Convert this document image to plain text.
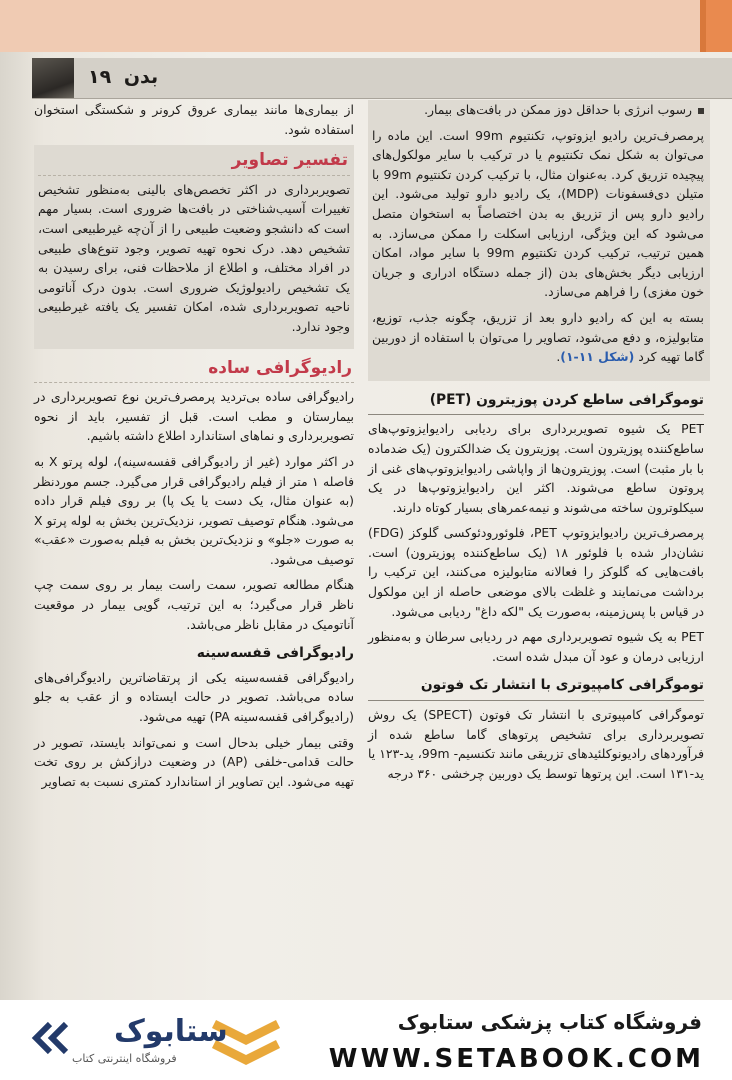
بدن ۱۹

رسوب انرژی با حداقل دوز ممکن در بافت‌های بیمار.

پرمصرف‌ترین رادیو ایزوتوپ، تکنتیوم 99m است. این ماده را می‌توان به شکل نمک تکنتیوم یا در ترکیب با سایر مولکول‌های پیچیده تزریق کرد. به‌عنوان مثال، با ترکیب کردن تکنتیوم 99m با متیلن دی‌فسفونات (MDP)، یک رادیو دارو تولید می‌شود. این رادیو دارو پس از تزریق به بدن اختصاصاً به استخوان متصل می‌شود که این ویژگی، ارزیابی اسکلت را ممکن می‌سازد. به همین ترتیب، ترکیب کردن تکنتیوم 99m با سایر مواد، امکان ارزیابی دیگر بخش‌های بدن (از جمله دستگاه ادراری و جریان خون مغزی) را فراهم می‌سازد.

بسته به این که رادیو دارو بعد از تزریق، چگونه جذب، توزیع، متابولیزه، و دفع می‌شود، تصاویر را می‌توان با استفاده از دوربین گاما تهیه کرد (شکل ۱۱-۱).

توموگرافی ساطع کردن پوزیترون (PET)

PET یک شیوه تصویربرداری برای ردیابی رادیوایزوتوپ‌های ساطع‌کننده پوزیترون است. پوزیترون یک ضدالکترون (یک ضدماده با بار مثبت) است. پوزیترون‌ها از واپاشی رادیوایزوتوپ‌های غنی از پروتون ساطع می‌شوند. اکثر این رادیوایزوتوپ‌ها در یک سیکلوترون ساخته می‌شوند و نیمه‌عمرهای بسیار کوتاه دارند.

پرمصرف‌ترین رادیوایزوتوپ PET، فلوئورودئوکسی گلوکز (FDG) نشان‌دار شده با فلوئور ۱۸ (یک ساطع‌کننده پوزیترون) است. بافت‌هایی که گلوکز را فعالانه متابولیزه می‌کنند، این ترکیب را برداشت می‌نمایند و غلظت بالای موضعی حاصله از این مولکول در قیاس با پس‌زمینه، به‌صورت یک "لکه داغ" ردیابی می‌شود.

PET به یک شیوه تصویربرداری مهم در ردیابی سرطان و به‌منظور ارزیابی درمان و عود آن مبدل شده است.

توموگرافی کامپیوتری با انتشار تک فوتون

توموگرافی کامپیوتری با انتشار تک فوتون (SPECT) یک روش تصویربرداری برای تشخیص پرتوهای گاما ساطع شده از فرآوردهای رادیونوکلئیدهای تزریقی مانند تکنسیم- 99m، ید-۱۲۳ یا ید-۱۳۱ است. این پرتوها توسط یک دوربین چرخشی ۳۶۰ درجه

از بیماری‌ها مانند بیماری عروق کرونر و شکستگی استخوان استفاده شود.

تفسیر تصاویر

تصویربرداری در اکثر تخصص‌های بالینی به‌منظور تشخیص تغییرات آسیب‌شناختی در بافت‌ها ضروری است. بسیار مهم است که دانشجو وضعیت طبیعی را از آن‌چه غیرطبیعی است، تشخیص دهد. درک نحوه تهیه تصویر، وجود تنوع‌های طبیعی در افراد مختلف، و اطلاع از ملاحظات فنی، برای رسیدن به یک تشخیص رادیولوژیک ضروری است. بدون درک آناتومی ناحیه تصویربرداری شده، امکان تفسیر یک یافته غیرطبیعی وجود ندارد.

رادیوگرافی ساده

رادیوگرافی ساده بی‌تردید پرمصرف‌ترین نوع تصویربرداری در بیمارستان و مطب است. قبل از تفسیر، باید از نحوه تصویربرداری و نماهای استاندارد اطلاع داشته باشیم.

در اکثر موارد (غیر از رادیوگرافی قفسه‌سینه)، لوله پرتو X به فاصله ۱ متر از فیلم رادیوگرافی قرار می‌گیرد. جسم موردنظر (به عنوان مثال، یک دست یا یک پا) بر روی فیلم قرار داده می‌شود. هنگام توصیف تصویر، نزدیک‌ترین بخش به لوله پرتو X به صورت «جلو» و نزدیک‌ترین بخش به فیلم به‌صورت «عقب» توصیف می‌شود.

هنگام مطالعه تصویر، سمت راست بیمار بر روی سمت چپ ناظر قرار می‌گیرد؛ به این ترتیب، گویی بیمار در موقعیت آناتومیک در مقابل ناظر می‌باشد.

رادیوگرافی قفسه‌سینه

رادیوگرافی قفسه‌سینه یکی از پرتقاضاترین رادیوگرافی‌های ساده می‌باشد. تصویر در حالت ایستاده و از عقب به جلو (رادیوگرافی قفسه‌سینه PA) تهیه می‌شود.

وقتی بیمار خیلی بدحال است و نمی‌تواند بایستد، تصویر در حالت قدامی-خلفی (AP) در وضعیت درازکش بر روی تخت تهیه می‌شود. این تصاویر از استاندارد کمتری نسبت به تصاویر

ستابوک
فروشگاه اینترنتی کتاب
فروشگاه کتاب پزشکی ستابوک
WWW.SETABOOK.COM
